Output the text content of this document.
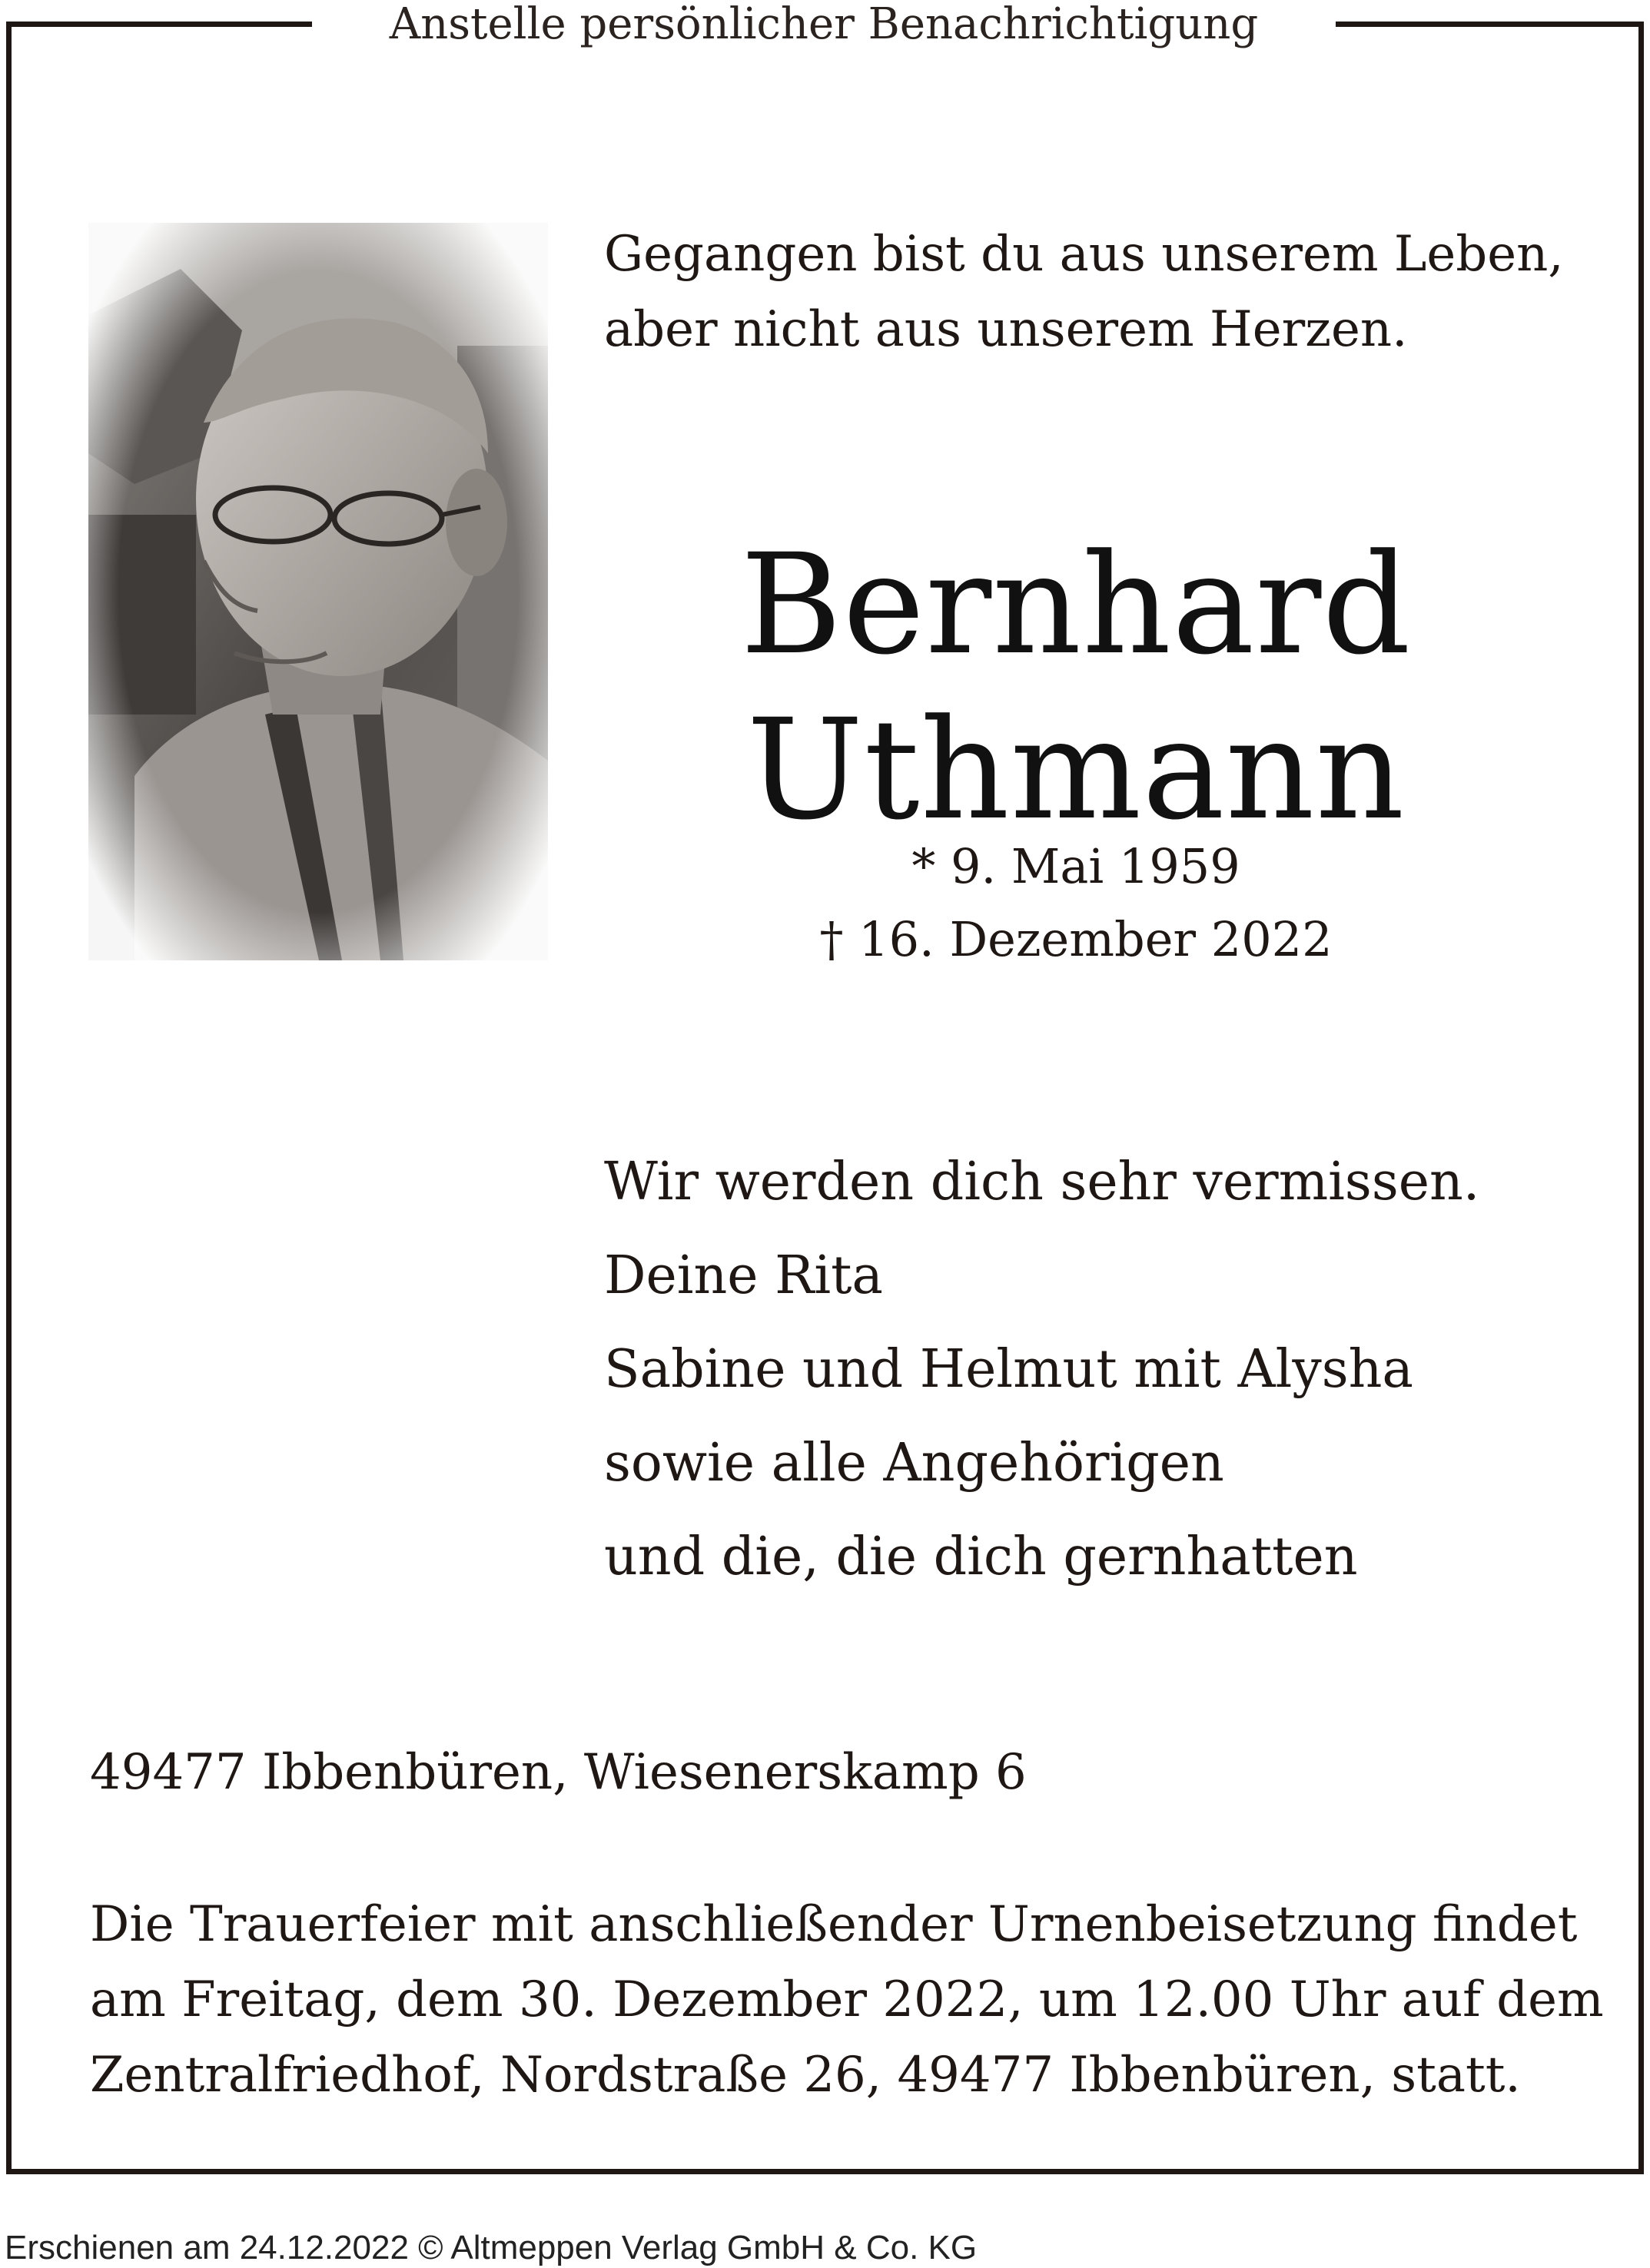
Anstelle persönlicher Benachrichtigung
Gegangen bist du aus unserem Leben,
aber nicht aus unserem Herzen.
Bernhard
Uthmann
* 9. Mai 1959
† 16. Dezember 2022
Wir werden dich sehr vermissen.
Deine Rita
Sabine und Helmut mit Alysha
sowie alle Angehörigen
und die, die dich gernhatten
49477 Ibbenbüren, Wiesenerskamp 6
Die Trauerfeier mit anschließender Urnenbeisetzung findet
am Freitag, dem 30. Dezember 2022, um 12.00 Uhr auf dem
Zentralfriedhof, Nordstraße 26, 49477 Ibbenbüren, statt.
Erschienen am 24.12.2022 © Altmeppen Verlag GmbH & Co. KG
